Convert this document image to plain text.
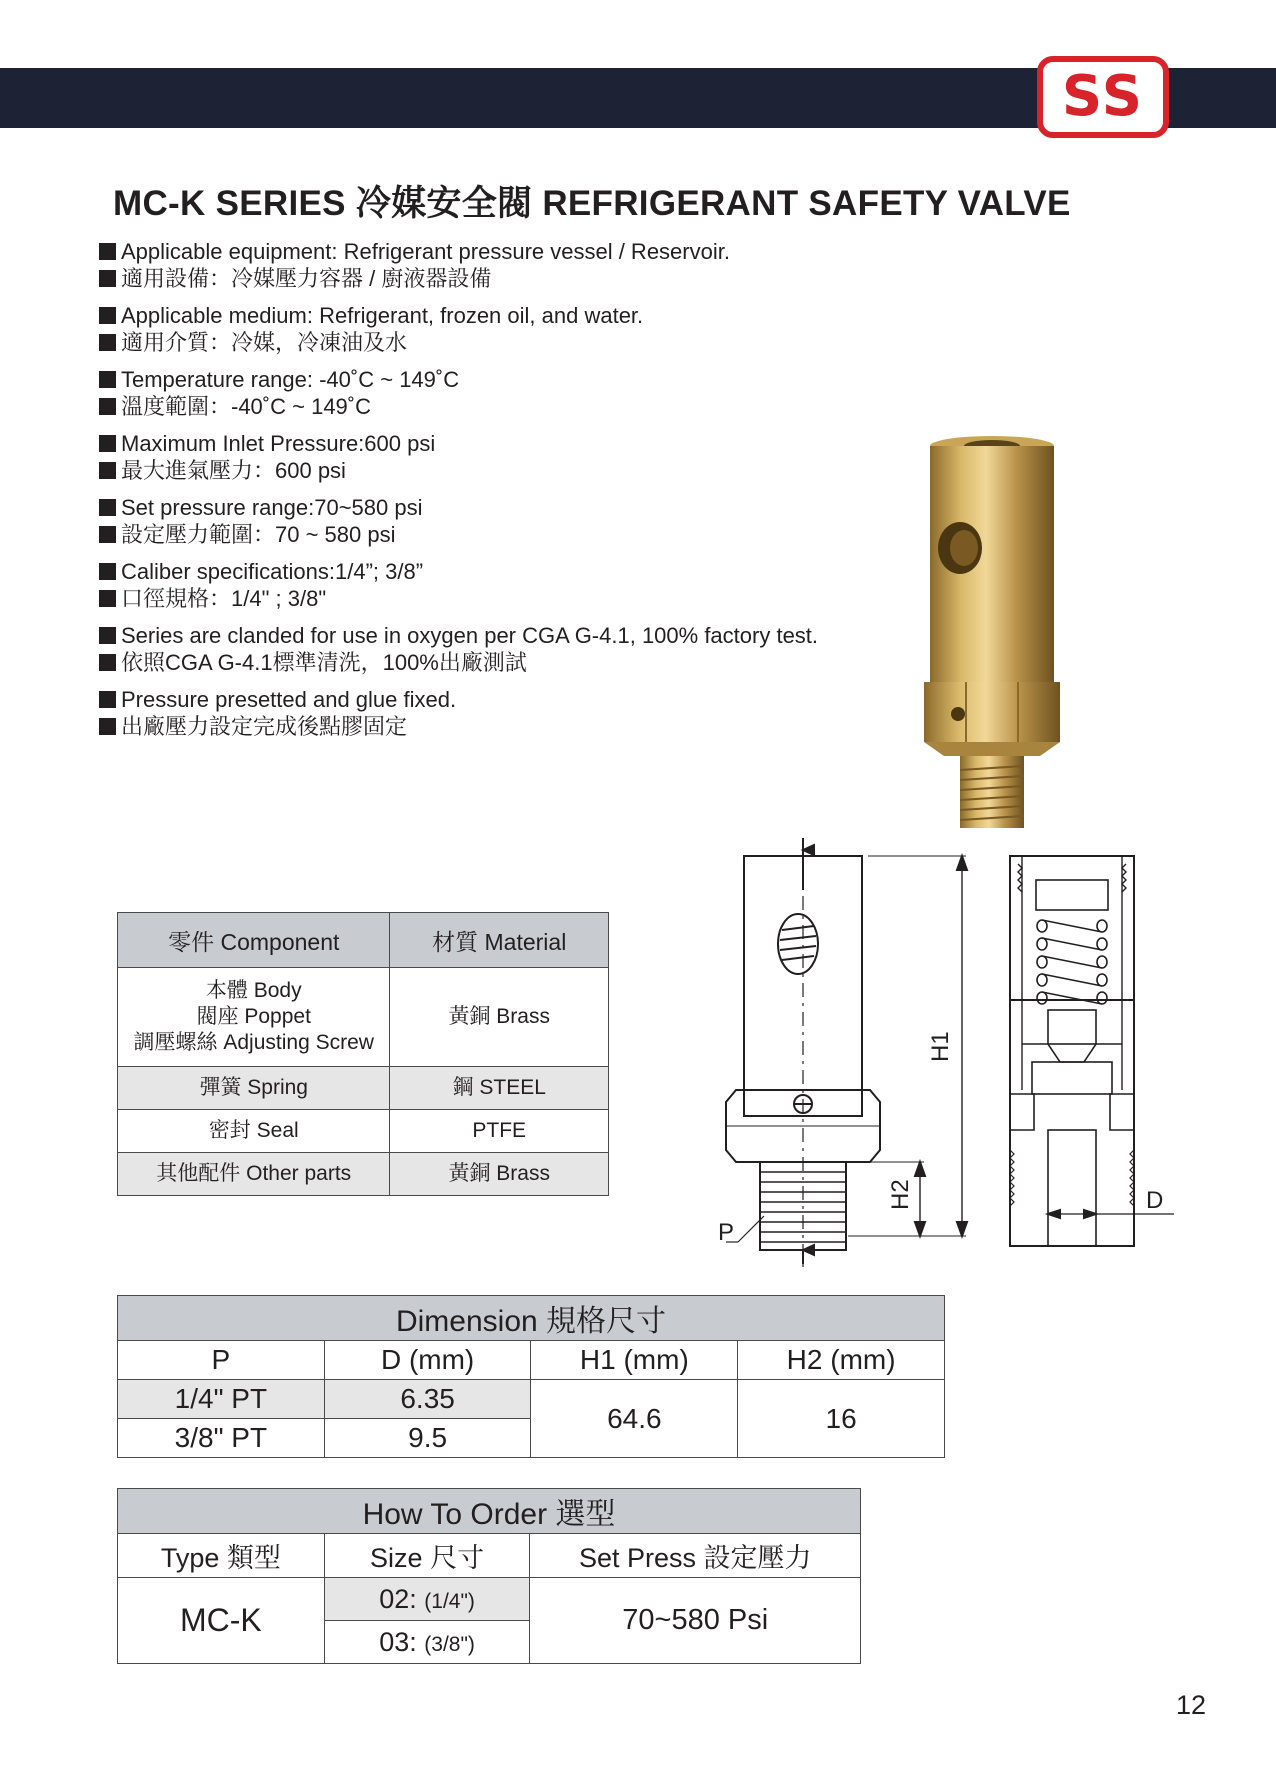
SS
MC-K SERIES 冷媒安全閥 REFRIGERANT SAFETY VALVE
Applicable equipment: Refrigerant pressure vessel / Reservoir.
適用設備：冷媒壓力容器 / 廚液器設備
Applicable medium: Refrigerant, frozen oil, and water.
適用介質：冷媒，冷凍油及水
Temperature range: -40˚C ~ 149˚C
溫度範圍：-40˚C ~ 149˚C
Maximum Inlet Pressure:600 psi
最大進氣壓力：600 psi
Set pressure range:70~580 psi
設定壓力範圍：70 ~ 580 psi
Caliber specifications:1/4”; 3/8”
口徑規格：1/4" ; 3/8"
Series are clanded for use in oxygen per CGA G-4.1, 100% factory test.
依照CGA G-4.1標準清洗，100%出廠測試
Pressure presetted and glue fixed.
出廠壓力設定完成後點膠固定
H1
H2
P
D
零件 Component	材質 Material

本體 Body
閥座 Poppet
調壓螺絲 Adjusting Screw	黃銅 Brass
彈簧 Spring	鋼 STEEL
密封 Seal	PTFE
其他配件 Other parts	黃銅 Brass
Dimension 規格尺寸			
P	D (mm)	H1 (mm)	H2 (mm)
1/4" PT	6.35	64.6	16
3/8" PT	9.5		
How To Order 選型		
Type 類型	Size 尺寸	Set Press 設定壓力
MC-K	02: (1/4")	70~580 Psi
	03: (3/8")	
12
